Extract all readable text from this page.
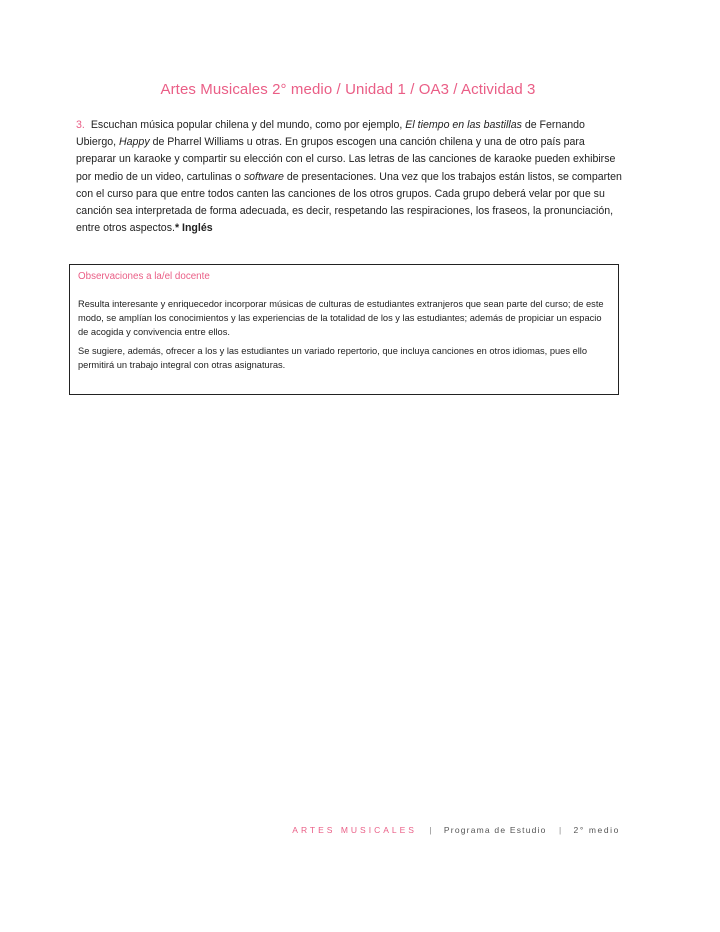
Artes Musicales 2° medio / Unidad 1 / OA3 / Actividad 3
3. Escuchan música popular chilena y del mundo, como por ejemplo, El tiempo en las bastillas de Fernando Ubiergo, Happy de Pharrel Williams u otras. En grupos escogen una canción chilena y una de otro país para preparar un karaoke y compartir su elección con el curso. Las letras de las canciones de karaoke pueden exhibirse por medio de un video, cartulinas o software de presentaciones. Una vez que los trabajos están listos, se comparten con el curso para que entre todos canten las canciones de los otros grupos. Cada grupo deberá velar por que su canción sea interpretada de forma adecuada, es decir, respetando las respiraciones, los fraseos, la pronunciación, entre otros aspectos.* Inglés
Observaciones a la/el docente

Resulta interesante y enriquecedor incorporar músicas de culturas de estudiantes extranjeros que sean parte del curso; de este modo, se amplían los conocimientos y las experiencias de la totalidad de los y las estudiantes; además de propiciar un espacio de acogida y convivencia entre ellos.

Se sugiere, además, ofrecer a los y las estudiantes un variado repertorio, que incluya canciones en otros idiomas, pues ello permitirá un trabajo integral con otras asignaturas.

ARTES MUSICALES | Programa de Estudio | 2° medio
